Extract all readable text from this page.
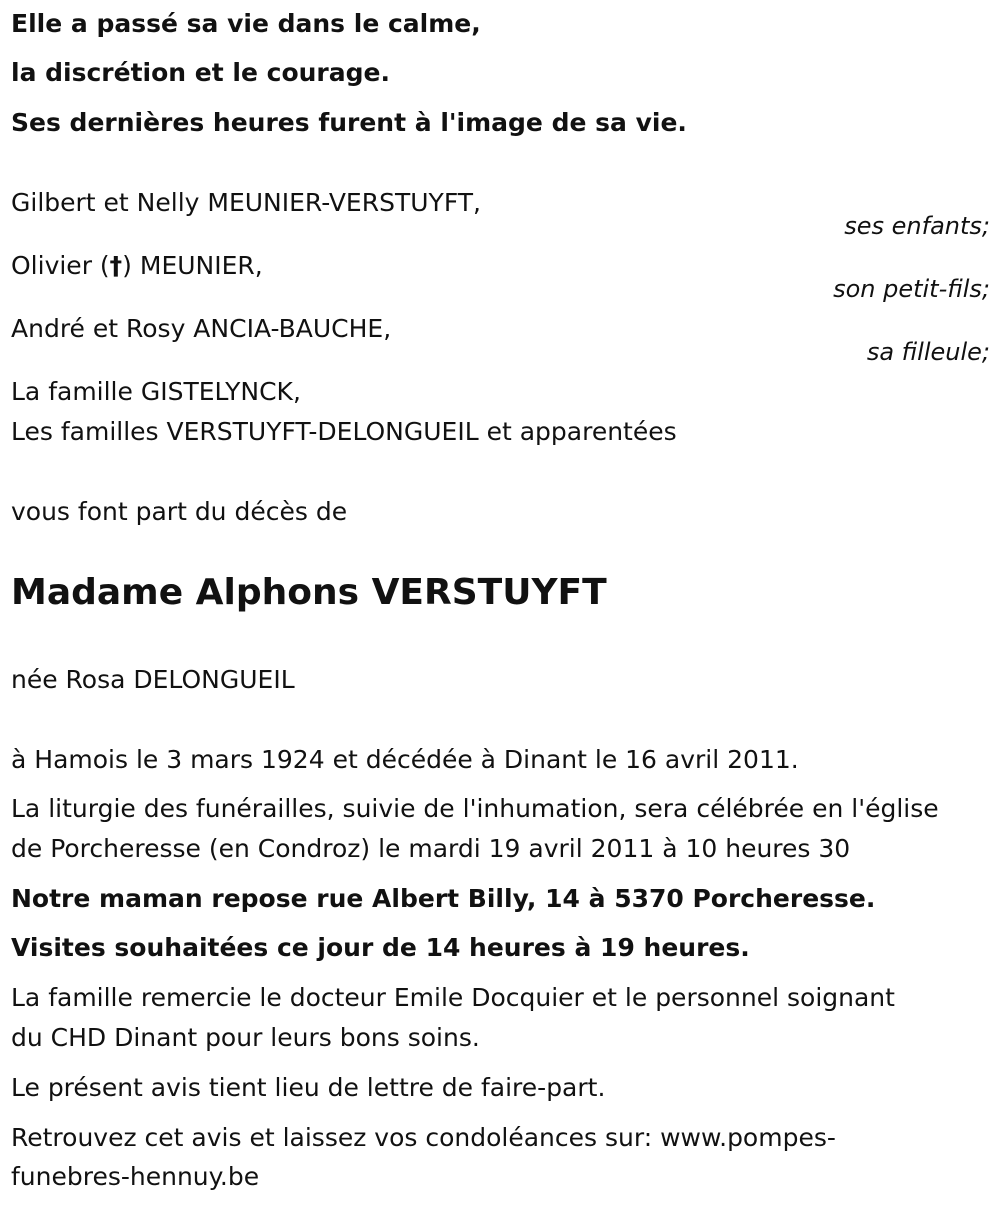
Elle a passé sa vie dans le calme,
la discrétion et le courage.
Ses dernières heures furent à l'image de sa vie.
Gilbert et Nelly MEUNIER-VERSTUYFT,
ses enfants;
Olivier (†) MEUNIER,
son petit-fils;
André et Rosy ANCIA-BAUCHE,
sa filleule;
La famille GISTELYNCK,
Les familles VERSTUYFT-DELONGUEIL et apparentées
vous font part du décès de
Madame Alphons VERSTUYFT
née Rosa DELONGUEIL
à Hamois le 3 mars 1924 et décédée à Dinant le 16 avril 2011.
La liturgie des funérailles, suivie de l'inhumation, sera célébrée en l'église
de Porcheresse (en Condroz) le mardi 19 avril 2011 à 10 heures 30
Notre maman repose rue Albert Billy, 14 à 5370 Porcheresse.
Visites souhaitées ce jour de 14 heures à 19 heures.
La famille remercie le docteur Emile Docquier et le personnel soignant
du CHD Dinant pour leurs bons soins.
Le présent avis tient lieu de lettre de faire-part.
Retrouvez cet avis et laissez vos condoléances sur: www.pompes-
funebres-hennuy.be
